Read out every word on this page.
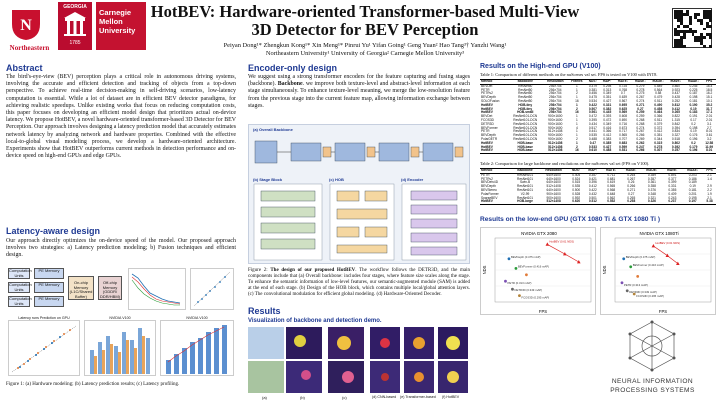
N
Northeastern
GEORGIA
1785
Carnegie
Mellon
University
HotBEV: Hardware-oriented Transformer-based Multi-View
3D Detector for BEV Perception
Peiyan Dong¹* Zhengkun Kong¹* Xin Meng¹* Pinrui Yu¹ Yifan Going¹ Geng Yuan² Hao Tang³† Yanzhi Wang¹
Northeastern University¹ University of Georgia² Carnegie Mellon University³
Abstract
The bird's-eye-view (BEV) perception plays a critical role in autonomous driving systems, involving the accurate and efficient detection and tracking of objects from a top-down perspective. To achieve real-time decision-making in self-driving scenarios, low-latency computation is essential. While a lot of dataset are in efficient BEV detector paradigms, for achieving realistic speedups. Unlike existing works that focus on reducing computation costs, this paper focuses on developing an efficient model design that prioritizes actual on-device latency. We propose HotBEV, a novel hardware-oriented transformer-based 3D Detector for BEV Perception. Our approach involves designing a latency prediction model that accurately estimates network latency by analyzing network and hardware properties. Combined with the effective local-to-global visual modeling process, we develop a hardware-oriented architecture. Experiments show that HotBEV outperforms current methods in detection performance and on-device speed on high-end GPUs and edge GPUs.
Latency-aware design
Our approach directly optimizes the on-device speed of the model. Our proposed approach involves two strategies: a) Latency prediction modeling; b) Fusion techniques and efficient design.
Computation Units
Computation Units
Computation Units
PE Memory
PE Memory
PE Memory
On-chip Memory (L1C/Shared Buffer)
Off-chip Memory (GDDR/ DDR/HBM)
Latency runs Prediction on GPU	NVIDIA V100	NVIDIA V100
Figure 1: (a) Hardware modeling; (b) Latency prediction results; (c) Latency profiling.
Encoder-only design
We suggest using a strong transformer encoders for the feature capturing and fusing stages (backbone). Backbone. we improve both texture-level and abstract-level information at each stage simultaneously. To enhance texture-level meaning, we merge the low-resolution feature from the previous stage into the current feature map, allowing information exchange between stages.
(a) Overall Backbone
(b) Stage Block	(c) HOB	(d) Encoder
Figure 2: The design of our proposed HotBEV. The workflow follows the DETR3D, and the main components include that (a) Overall backbone: includes four stages, where feature size scales along the stage. To enhance the semantic information of low-level features, our semantic-augmented module (SAM) is added at the end of each stage. (b) Design of the HOB block, which contains multiple local/global attention layers. (c) The convolutional modulation for efficient global modeling. (d) Hardware-Oriented Decoder.
Results
Visualization of backbone and detection demo.
(a)	(b)	(c)	(d) CNN-based (e) Transformer-based (f) HotBEV
Results on the High-end GPU (V100)
Table 1: Comparison of different methods on the nuScenes val set. FPS is tested on V100 with INT8.
Method	Backbone	Resolution	Frames	NDS↑	mAP↑	mATE↓	mASE↓	mAOE↓	mAVE↓	mAAE↓	FPS
BEVDet	ResNet50	256×704	1	0.379	0.298	0.725	0.279	0.589	0.860	0.245	16.4
PETR	ResNet50	256×704	1	0.381	0.313	0.768	0.278	0.564	0.923	0.225	18.5
PETRv2	ResNet50	256×704	2	0.456	0.349	0.7	0.275	0.58	0.437	0.187	16.2
BEVDepth	ResNet50	256×704	1	0.475	0.351	0.639	0.267	0.479	0.428	0.198	15.1
SOLOFusion	ResNet50	256×704	16	0.534	0.427	0.567	0.274	0.511	0.252	0.181	10.1
HotBEV	HOB-tiny	256×704	1	0.422	0.331	0.695	0.271	0.490	0.812	0.190	35.2
HotBEV	HOB-tiny	256×704	2	0.507	0.382	0.625	0.27	0.458	0.412	0.19	31.7
HotBEV	HOB-small	256×704	16	0.561	0.445	0.569	0.259	0.464	0.265	0.183	17.1
BEVDet	ResNet101-DCN	900×1600	1	0.472	0.393	0.608	0.259	0.366	0.822	0.191	2.01
FCOS3D	ResNet101-DCN	900×1600	1	0.395	0.472	0.690	0.268	0.511	1.315	0.17	2.01
DETR3D	ResNet101-DCN	900×1600	1	0.434	0.349	0.716	0.268	0.379	0.842	0.2	3.1
BEVFormer	ResNet101-DCN	900×1600	4	0.517	0.416	0.673	0.274	0.372	0.394	0.198	2.7
PETR	ResNet101-DCN	512×1408	1	0.441	0.366	0.717	0.267	0.412	0.834	0.19	8.01
BEVDepth	ResNet101-DCN	900×1600	1	0.535	0.412	0.565	0.266	0.351	0.327	0.176	3.61
PolarDETR	ResNet101-DCN	900×1600	2	0.488	0.383	0.707	0.269	0.344	0.518	0.196	3.2
HotBEV	HOB-base	512×1408	1	0.47	0.385	0.683	0.262	0.315	0.802	0.2	12.58
HotBEV	HOB-base	512×1408	2	0.533	0.427	0.599	0.247	0.278	0.392	0.179	11.99
HotBEV	HOB-base	512×1408	16	0.610	0.488	0.531	0.266	0.307	0.257	0.196	8.01
Table 2: Comparison for large backbone and resolutions on the nuScenes val set (FPS on V100).
Method	Backbone	Resolution	NDS↑	mAP↑	mATE↓	mASE↓	mAOE↓	mAVE↓	mAAE↓	FPS
PETR	ResNet101	640×1600	0.404	0.357	0.711	0.264	0.359	0.891	0.203	2.1
PETRv2	ResNet101	640×1600	0.524	0.421	0.681	0.267	0.357	0.377	0.186	1.4
BEVDetv4D	Swin-B	640×1600	0.515	0.396	0.619	0.26	0.361	0.399	0.189	
BEVDepth	ResNet101	512×1408	0.535	0.412	0.565	0.266	0.358	0.331	0.19	2.9
BEVStereo	ResNet101	640×1600	0.500	0.422	0.568	0.271	0.376	0.355	0.181	2.2
PolarFormer	V2-99	900×1600	0.528	0.432	0.648	0.27	0.348	0.409	0.201	1.9
SparseBEV	ResNet101	900×1600	0.592	0.501	0.562	0.265	0.321	0.243	0.195	2.1
HotBEV	HOB-large	512×1408	0.620	0.512	0.552	0.258	0.326	0.237	0.197	5.38
Results on the low-end GPU (GTX 1080 Ti & GTX 1080 Ti )
NVIDIA GTX 2080
FPS
NDS
HotBEV (0.61 NDS)
BEVDepth (0.475 mAP)
BEVFormer (0.416 mAP)
PETR (0.313 mAP)
DETR3D (0.349 mAP)
FCOS3D (0.295 mAP)
NVIDIA GTX 1080Ti
FPS
NDS
HotBEV (0.61 NDS)
BEVDepth (0.475 mAP)
BEVFormer (0.416 mAP)
PETR (0.313 mAP)
DETR3D (0.349 mAP)
FCOS3D (0.295 mAP)
NEURAL INFORMATION
PROCESSING SYSTEMS
